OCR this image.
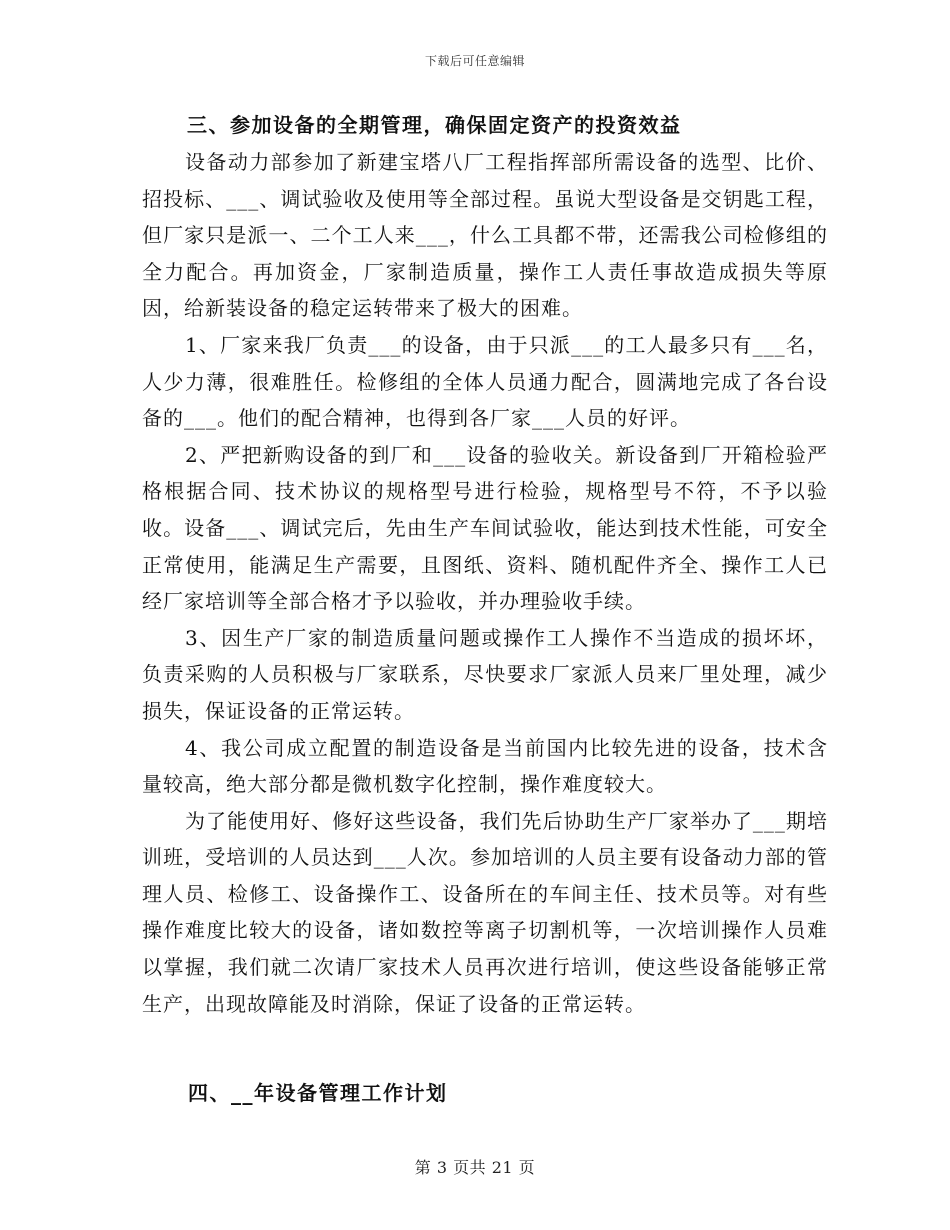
下载后可任意编辑
三、参加设备的全期管理，确保固定资产的投资效益

设备动力部参加了新建宝塔八厂工程指挥部所需设备的选型、比价、招投标、___、调试验收及使用等全部过程。虽说大型设备是交钥匙工程，但厂家只是派一、二个工人来___，什么工具都不带，还需我公司检修组的全力配合。再加资金，厂家制造质量，操作工人责任事故造成损失等原因，给新装设备的稳定运转带来了极大的困难。

1、厂家来我厂负责___的设备，由于只派___的工人最多只有___名，人少力薄，很难胜任。检修组的全体人员通力配合，圆满地完成了各台设备的___。他们的配合精神，也得到各厂家___人员的好评。

2、严把新购设备的到厂和___设备的验收关。新设备到厂开箱检验严格根据合同、技术协议的规格型号进行检验，规格型号不符，不予以验收。设备___、调试完后，先由生产车间试验收，能达到技术性能，可安全正常使用，能满足生产需要，且图纸、资料、随机配件齐全、操作工人已经厂家培训等全部合格才予以验收，并办理验收手续。

3、因生产厂家的制造质量问题或操作工人操作不当造成的损坏坏，负责采购的人员积极与厂家联系，尽快要求厂家派人员来厂里处理，减少损失，保证设备的正常运转。

4、我公司成立配置的制造设备是当前国内比较先进的设备，技术含量较高，绝大部分都是微机数字化控制，操作难度较大。

为了能使用好、修好这些设备，我们先后协助生产厂家举办了___期培训班，受培训的人员达到___人次。参加培训的人员主要有设备动力部的管理人员、检修工、设备操作工、设备所在的车间主任、技术员等。对有些操作难度比较大的设备，诸如数控等离子切割机等，一次培训操作人员难以掌握，我们就二次请厂家技术人员再次进行培训，使这些设备能够正常生产，出现故障能及时消除，保证了设备的正常运转。

四、__年设备管理工作计划
第 3 页共 21 页
